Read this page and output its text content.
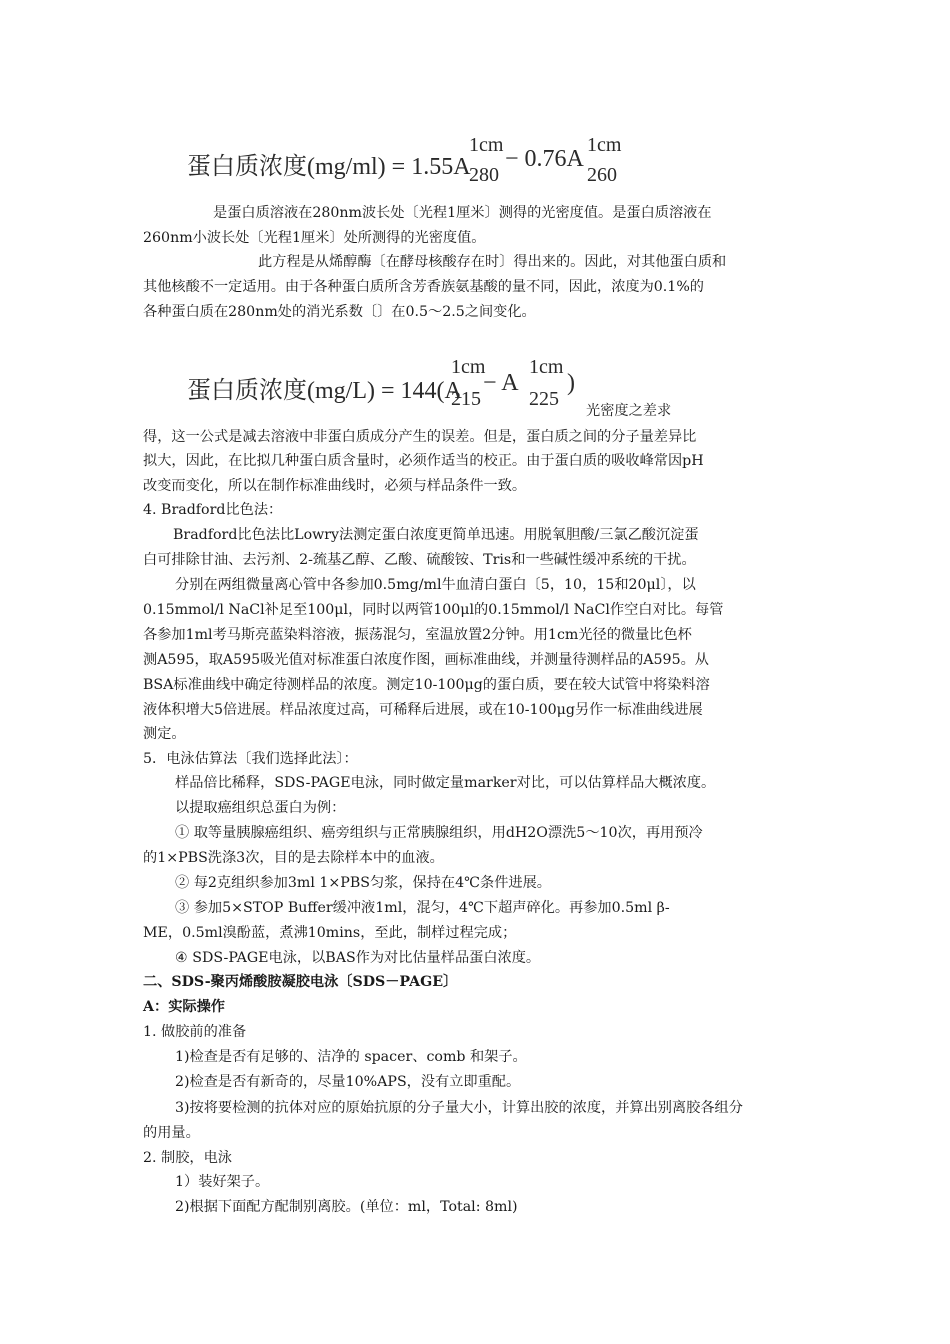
蛋白质浓度(mg/ml) = 1.55A
1cm
280
− 0.76A
1cm
260
是蛋白质溶液在280nm波长处〔光程1厘米〕测得的光密度值。是蛋白质溶液在
260nm小波长处〔光程1厘米〕处所测得的光密度值。
此方程是从烯醇酶〔在酵母核酸存在时〕得出来的。因此，对其他蛋白质和
其他核酸不一定适用。由于各种蛋白质所含芳香族氨基酸的量不同，因此，浓度为0.1%的
各种蛋白质在280nm处的消光系数〔〕在0.5～2.5之间变化。
蛋白质浓度(mg/L) = 144(A
1cm
215
− A
1cm
225
)
光密度之差求
得，这一公式是减去溶液中非蛋白质成分产生的误差。但是，蛋白质之间的分子量差异比
拟大，因此，在比拟几种蛋白质含量时，必须作适当的校正。由于蛋白质的吸收峰常因pH
改变而变化，所以在制作标准曲线时，必须与样品条件一致。
4. Bradford比色法：
Bradford比色法比Lowry法测定蛋白浓度更简单迅速。用脱氧胆酸/三氯乙酸沉淀蛋
白可排除甘油、去污剂、2-巯基乙醇、乙酸、硫酸铵、Tris和一些碱性缓冲系统的干扰。
分别在两组微量离心管中各参加0.5mg/ml牛血清白蛋白〔5，10，15和20μl〕，以
0.15mmol/l NaCl补足至100μl，同时以两管100μl的0.15mmol/l NaCl作空白对比。每管
各参加1ml考马斯亮蓝染料溶液，振荡混匀，室温放置2分钟。用1cm光径的微量比色杯
测A595，取A595吸光值对标准蛋白浓度作图，画标准曲线，并测量待测样品的A595。从
BSA标准曲线中确定待测样品的浓度。测定10-100μg的蛋白质，要在较大试管中将染料溶
液体积增大5倍进展。样品浓度过高，可稀释后进展，或在10-100μg另作一标准曲线进展
测定。
5．电泳估算法〔我们选择此法〕：
样品倍比稀释，SDS-PAGE电泳，同时做定量marker对比，可以估算样品大概浓度。
以提取癌组织总蛋白为例：
① 取等量胰腺癌组织、癌旁组织与正常胰腺组织，用dH2O漂洗5～10次，再用预冷
的1×PBS洗涤3次，目的是去除样本中的血液。
② 每2克组织参加3ml 1×PBS匀浆，保持在4℃条件进展。
③ 参加5×STOP Buffer缓冲液1ml，混匀，4℃下超声碎化。再参加0.5ml β-
ME，0.5ml溴酚蓝，煮沸10mins，至此，制样过程完成；
④ SDS-PAGE电泳，以BAS作为对比估量样品蛋白浓度。
二、SDS-聚丙烯酸胺凝胶电泳〔SDS－PAGE〕
A：实际操作
1. 做胶前的准备
1)检查是否有足够的、洁净的 spacer、comb 和架子。
2)检查是否有新奇的，尽量10%APS，没有立即重配。
3)按将要检测的抗体对应的原始抗原的分子量大小，计算出胶的浓度，并算出别离胶各组分
的用量。
2. 制胶，电泳
1）装好架子。
2)根据下面配方配制别离胶。(单位：ml，Total: 8ml)
